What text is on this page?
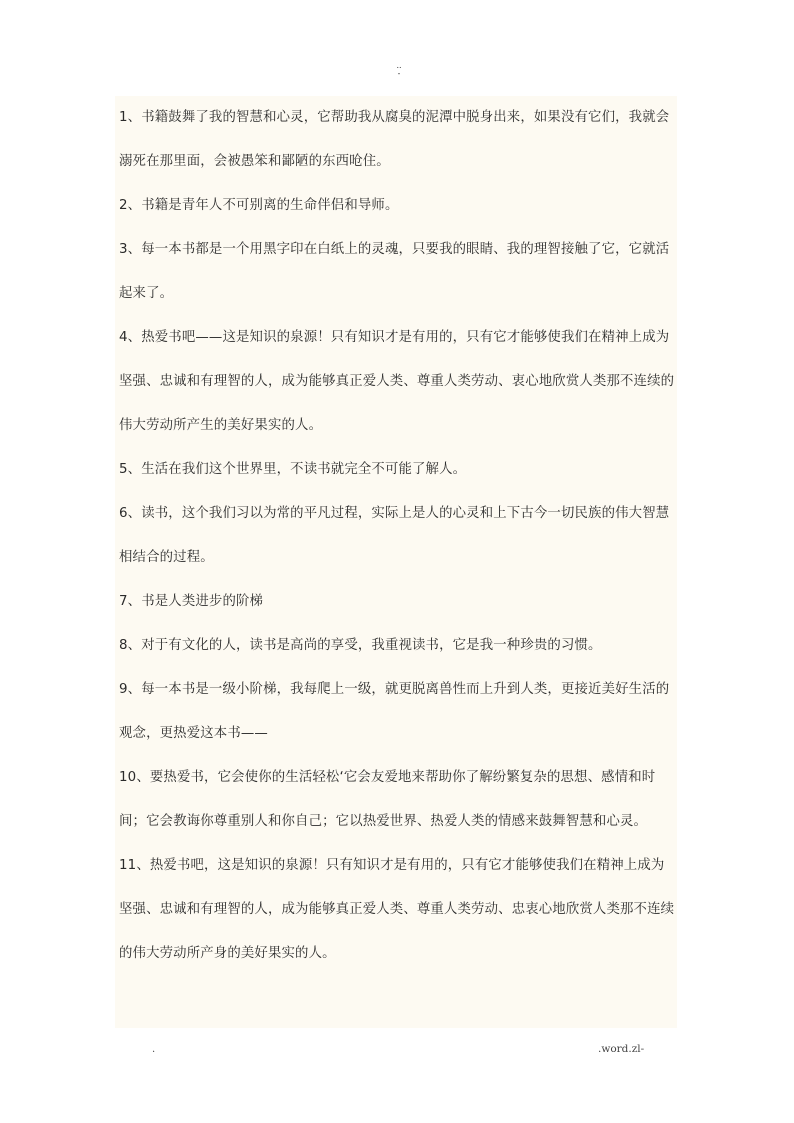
..
-

1、书籍鼓舞了我的智慧和心灵，它帮助我从腐臭的泥潭中脱身出来，如果没有它们，我就会溺死在那里面，会被愚笨和鄙陋的东西呛住。

2、书籍是青年人不可别离的生命伴侣和导师。

3、每一本书都是一个用黑字印在白纸上的灵魂，只要我的眼睛、我的理智接触了它，它就活起来了。

4、热爱书吧——这是知识的泉源！只有知识才是有用的，只有它才能够使我们在精神上成为坚强、忠诚和有理智的人，成为能够真正爱人类、尊重人类劳动、衷心地欣赏人类那不连续的伟大劳动所产生的美好果实的人。

5、生活在我们这个世界里，不读书就完全不可能了解人。

6、读书，这个我们习以为常的平凡过程，实际上是人的心灵和上下古今一切民族的伟大智慧相结合的过程。

7、书是人类进步的阶梯

8、对于有文化的人，读书是高尚的享受，我重视读书，它是我一种珍贵的习惯。

9、每一本书是一级小阶梯，我每爬上一级，就更脱离兽性而上升到人类，更接近美好生活的观念，更热爱这本书——

10、要热爱书，它会使你的生活轻松‘它会友爱地来帮助你了解纷繁复杂的思想、感情和时间；它会教诲你尊重别人和你自己；它以热爱世界、热爱人类的情感来鼓舞智慧和心灵。

11、热爱书吧，这是知识的泉源！只有知识才是有用的，只有它才能够使我们在精神上成为坚强、忠诚和有理智的人，成为能够真正爱人类、尊重人类劳动、忠衷心地欣赏人类那不连续的伟大劳动所产身的美好果实的人。

.	.word.zl-
